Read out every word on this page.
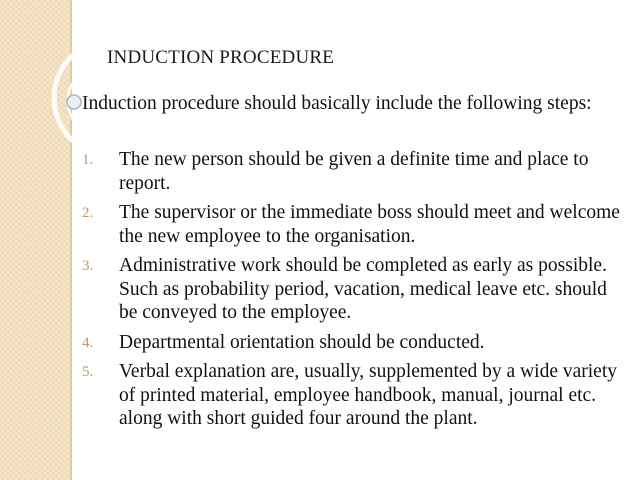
INDUCTION PROCEDURE

Induction procedure should basically include the following steps:

1. The new person should be given a definite time and place to report.
2. The supervisor or the immediate boss should meet and welcome the new employee to the organisation.
3. Administrative work should be completed as early as possible. Such as probability period, vacation, medical leave etc. should be conveyed to the employee.
4. Departmental orientation should be conducted.
5. Verbal explanation are, usually, supplemented by a wide variety of printed material, employee handbook, manual, journal etc. along with short guided four around the plant.
